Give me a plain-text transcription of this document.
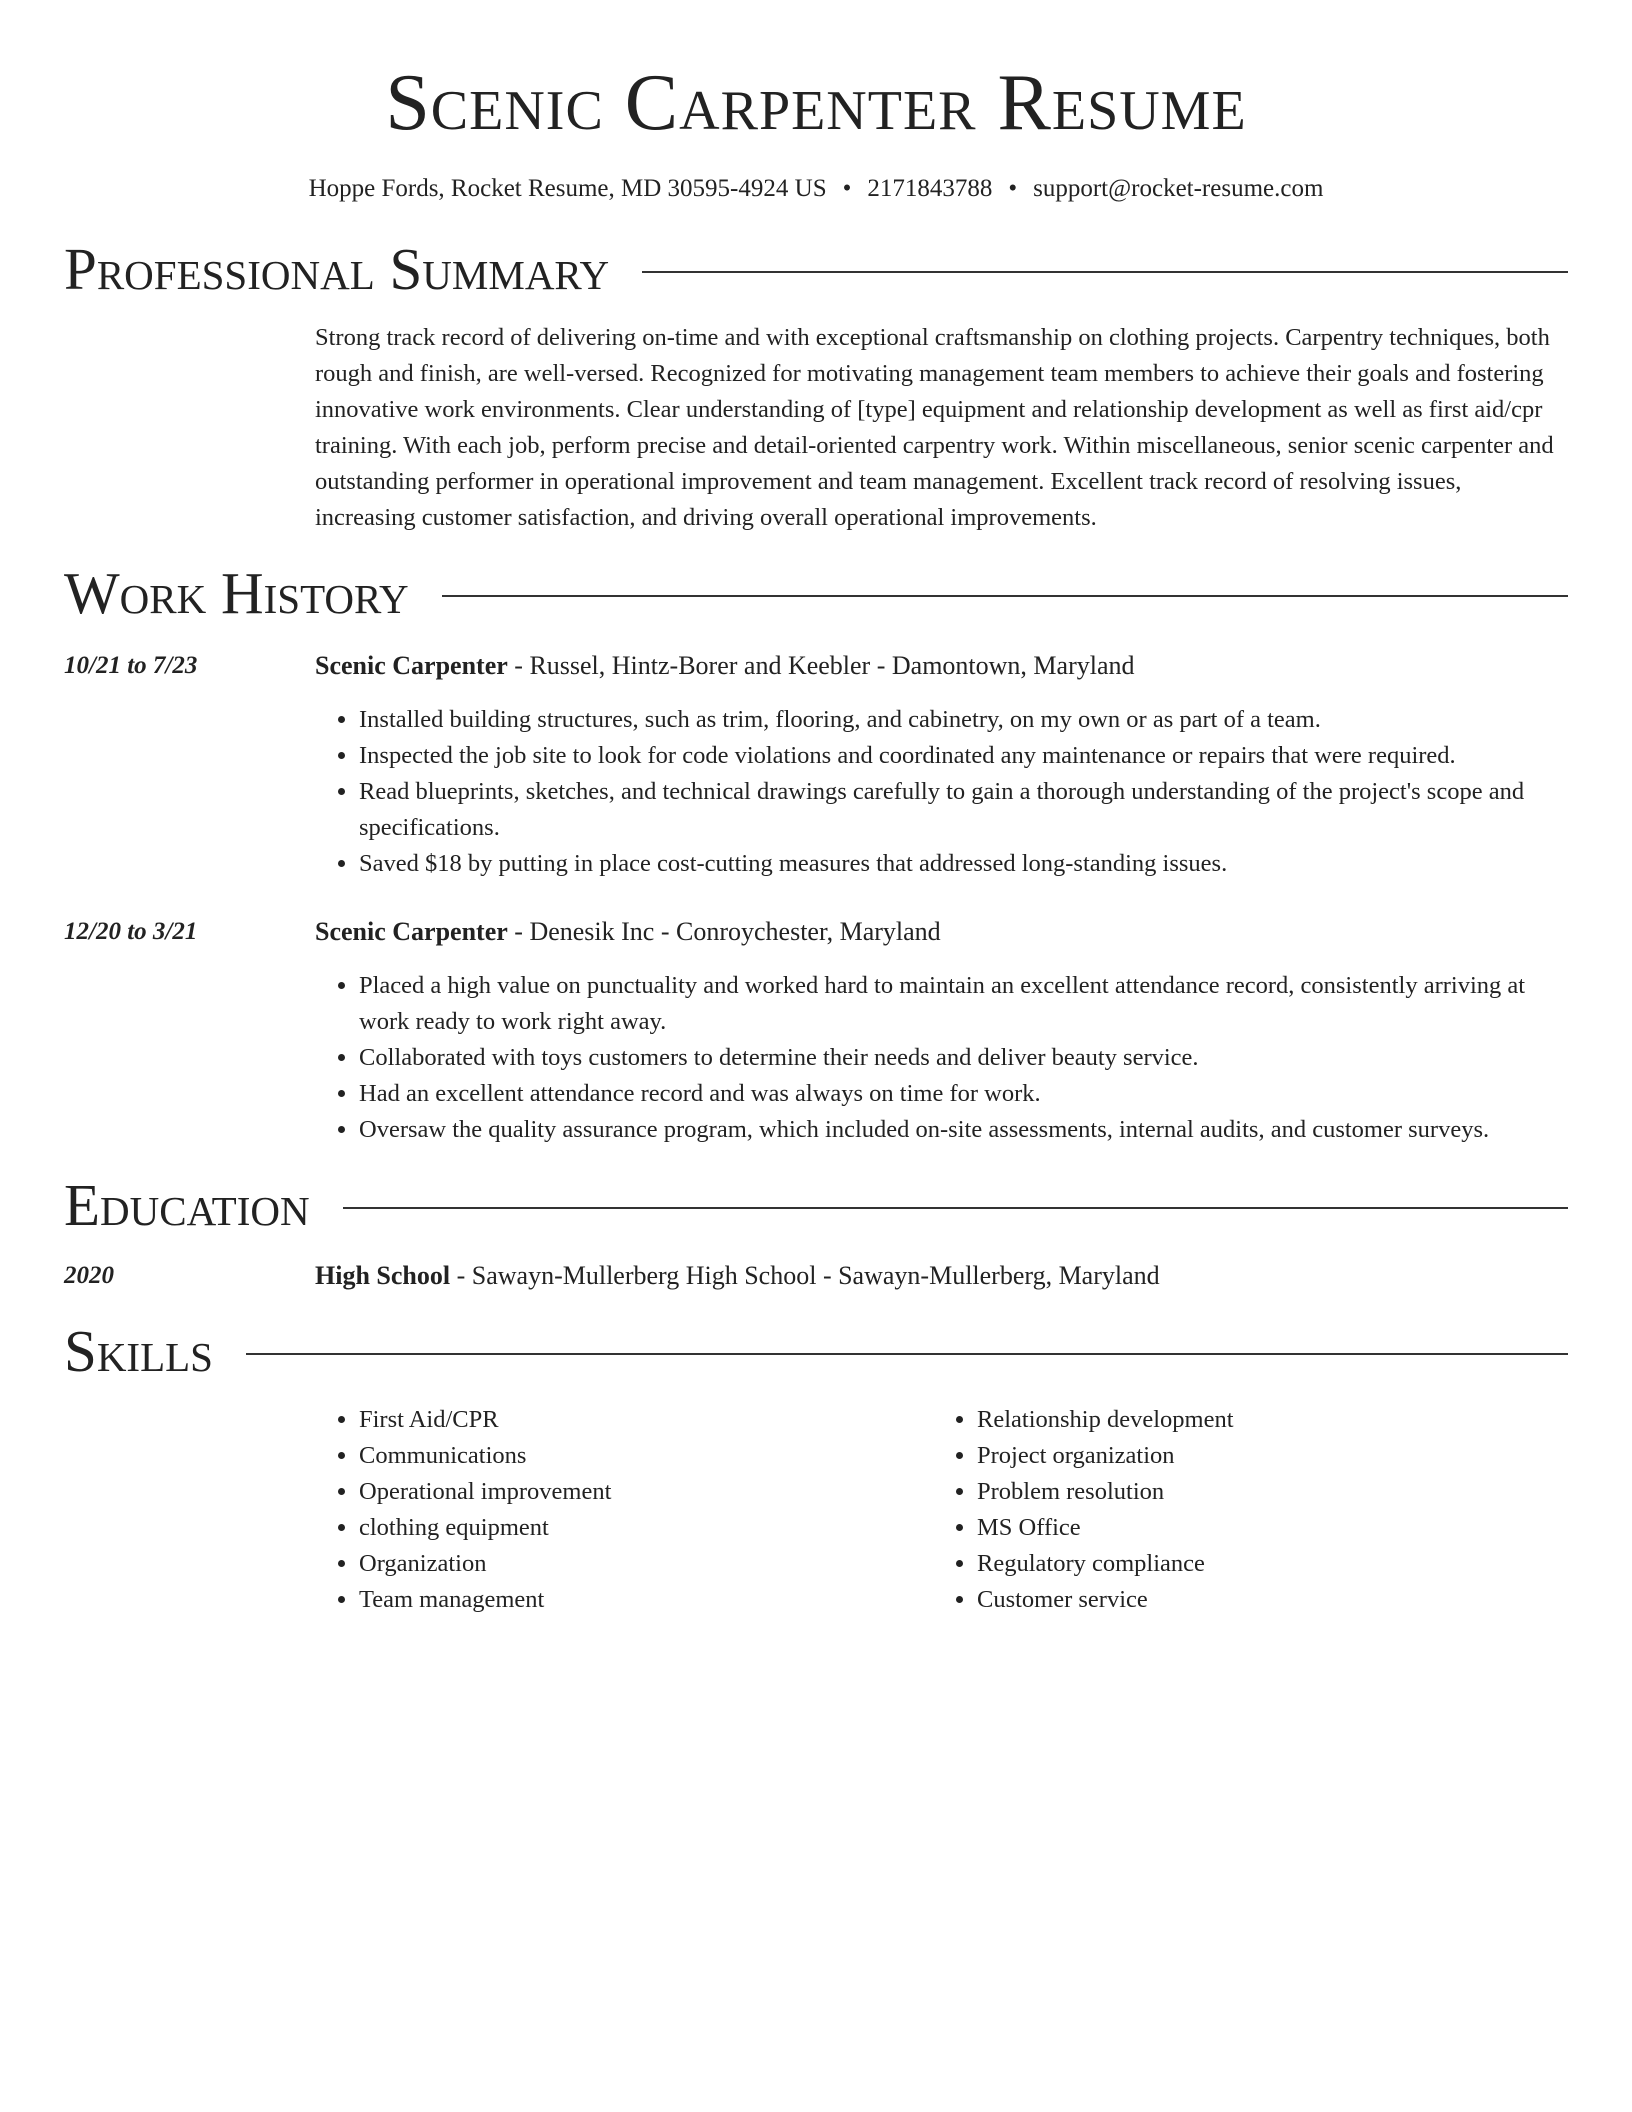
Scenic Carpenter Resume
Hoppe Fords, Rocket Resume, MD 30595-4924 US • 2171843788 • support@rocket-resume.com
Professional Summary
Strong track record of delivering on-time and with exceptional craftsmanship on clothing projects. Carpentry techniques, both rough and finish, are well-versed. Recognized for motivating management team members to achieve their goals and fostering innovative work environments. Clear understanding of [type] equipment and relationship development as well as first aid/cpr training. With each job, perform precise and detail-oriented carpentry work. Within miscellaneous, senior scenic carpenter and outstanding performer in operational improvement and team management. Excellent track record of resolving issues, increasing customer satisfaction, and driving overall operational improvements.
Work History
10/21 to 7/23	Scenic Carpenter - Russel, Hintz-Borer and Keebler - Damontown, Maryland
• Installed building structures, such as trim, flooring, and cabinetry, on my own or as part of a team.
• Inspected the job site to look for code violations and coordinated any maintenance or repairs that were required.
• Read blueprints, sketches, and technical drawings carefully to gain a thorough understanding of the project's scope and specifications.
• Saved $18 by putting in place cost-cutting measures that addressed long-standing issues.
12/20 to 3/21	Scenic Carpenter - Denesik Inc - Conroychester, Maryland
• Placed a high value on punctuality and worked hard to maintain an excellent attendance record, consistently arriving at work ready to work right away.
• Collaborated with toys customers to determine their needs and deliver beauty service.
• Had an excellent attendance record and was always on time for work.
• Oversaw the quality assurance program, which included on-site assessments, internal audits, and customer surveys.
Education
2020	High School - Sawayn-Mullerberg High School - Sawayn-Mullerberg, Maryland
Skills
• First Aid/CPR
• Communications
• Operational improvement
• clothing equipment
• Organization
• Team management
• Relationship development
• Project organization
• Problem resolution
• MS Office
• Regulatory compliance
• Customer service
